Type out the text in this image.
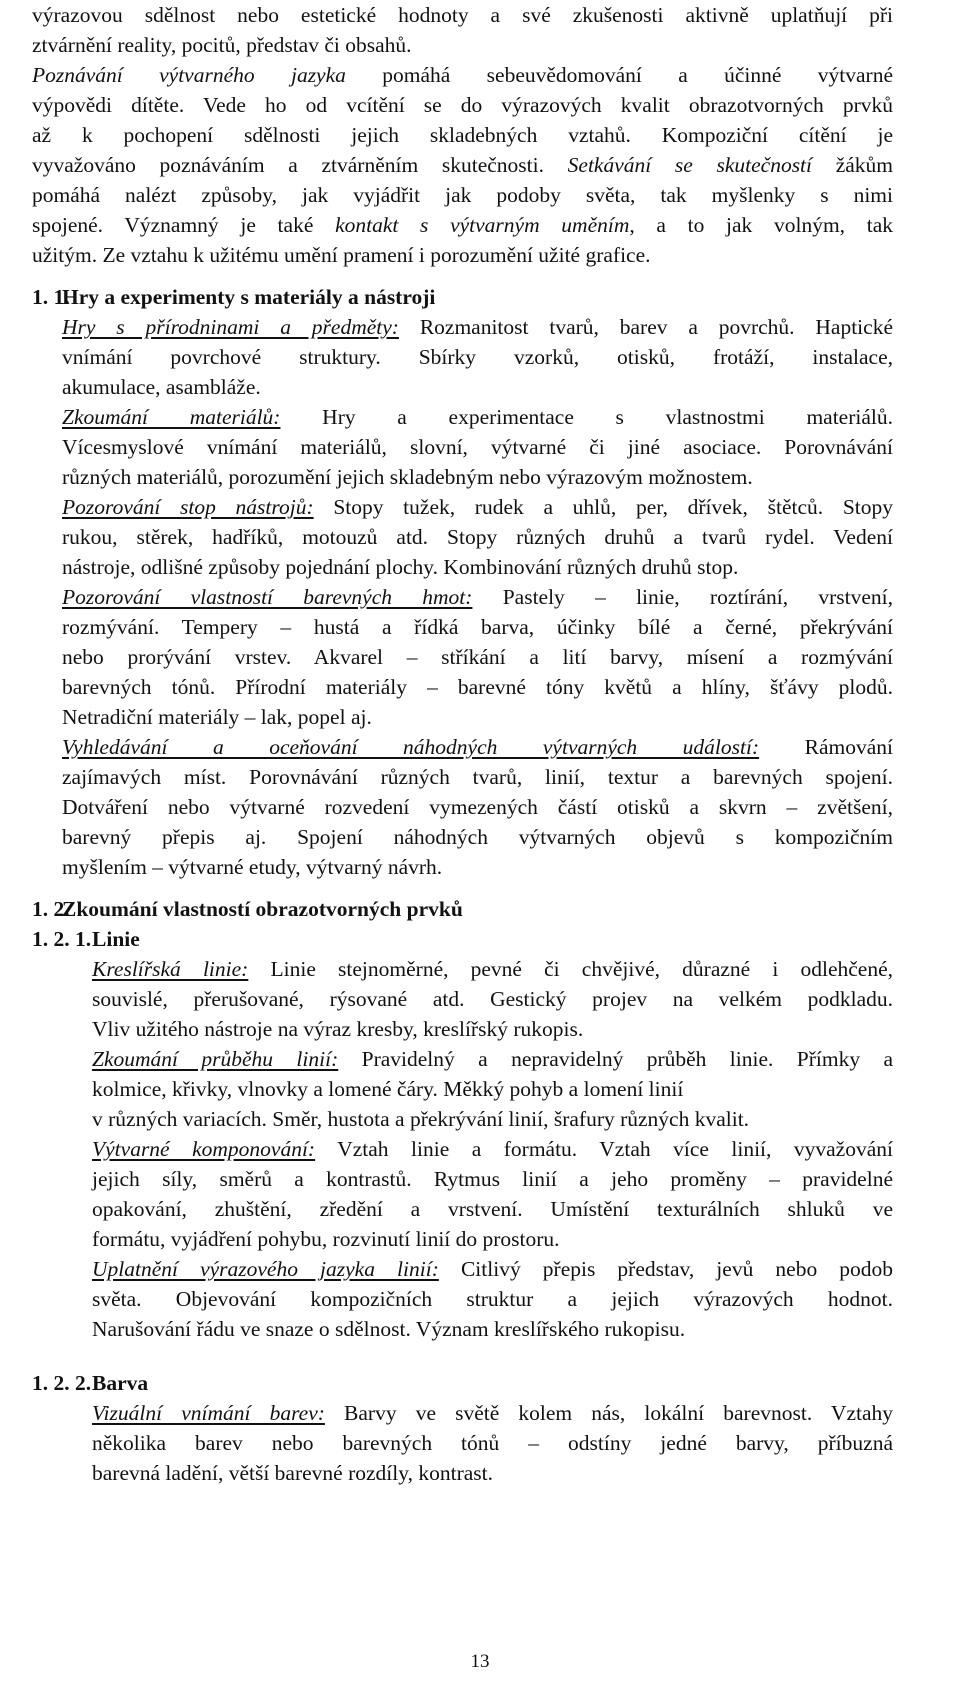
výrazovou sdělnost nebo estetické hodnoty a své zkušenosti aktivně uplatňují při
ztvárnění reality, pocitů, představ či obsahů.
Poznávání výtvarného jazyka pomáhá sebeuvědomování a účinné výtvarné
výpovědi dítěte. Vede ho od vcítění se do výrazových kvalit obrazotvorných prvků
až k pochopení sdělnosti jejich skladebných vztahů. Kompoziční cítění je
vyvažováno poznáváním a ztvárněním skutečnosti. Setkávání se skutečností žákům
pomáhá nalézt způsoby, jak vyjádřit jak podoby světa, tak myšlenky s nimi
spojené. Významný je také kontakt s výtvarným uměním, a to jak volným, tak
užitým. Ze vztahu k užitému umění pramení i porozumění užité grafice.
1. 1.
Hry a experimenty s materiály a nástroji
Hry s přírodninami a předměty: Rozmanitost tvarů, barev a povrchů. Haptické
vnímání povrchové struktury. Sbírky vzorků, otisků, frotáží, instalace,
akumulace, asambláže.
Zkoumání materiálů: Hry a experimentace s vlastnostmi materiálů.
Vícesmyslové vnímání materiálů, slovní, výtvarné či jiné asociace. Porovnávání
různých materiálů, porozumění jejich skladebným nebo výrazovým možnostem.
Pozorování stop nástrojů: Stopy tužek, rudek a uhlů, per, dřívek, štětců. Stopy
rukou, stěrek, hadříků, motouzů atd. Stopy různých druhů a tvarů rydel. Vedení
nástroje, odlišné způsoby pojednání plochy. Kombinování různých druhů stop.
Pozorování vlastností barevných hmot: Pastely – linie, roztírání, vrstvení,
rozmývání. Tempery – hustá a řídká barva, účinky bílé a černé, překrývání
nebo prorývání vrstev. Akvarel – stříkání a lití barvy, mísení a rozmývání
barevných tónů. Přírodní materiály – barevné tóny květů a hlíny, šťávy plodů.
Netradiční materiály – lak, popel aj.
Vyhledávání a oceňování náhodných výtvarných událostí: Rámování
zajímavých míst. Porovnávání různých tvarů, linií, textur a barevných spojení.
Dotváření nebo výtvarné rozvedení vymezených částí otisků a skvrn – zvětšení,
barevný přepis aj. Spojení náhodných výtvarných objevů s kompozičním
myšlením – výtvarné etudy, výtvarný návrh.
1. 2.
Zkoumání vlastností obrazotvorných prvků
1. 2. 1. Linie
Kreslířská linie: Linie stejnoměrné, pevné či chvějivé, důrazné i odlehčené,
souvislé, přerušované, rýsované atd. Gestický projev na velkém podkladu.
Vliv užitého nástroje na výraz kresby, kreslířský rukopis.
Zkoumání průběhu linií: Pravidelný a nepravidelný průběh linie. Přímky a
kolmice, křivky, vlnovky a lomené čáry. Měkký pohyb a lomení linií
v různých variacích. Směr, hustota a překrývání linií, šrafury různých kvalit.
Výtvarné komponování: Vztah linie a formátu. Vztah více linií, vyvažování
jejich síly, směrů a kontrastů. Rytmus linií a jeho proměny – pravidelné
opakování, zhuštění, zředění a vrstvení. Umístění texturálních shluků ve
formátu, vyjádření pohybu, rozvinutí linií do prostoru.
Uplatnění výrazového jazyka linií: Citlivý přepis představ, jevů nebo podob
světa. Objevování kompozičních struktur a jejich výrazových hodnot.
Narušování řádu ve snaze o sdělnost. Význam kreslířského rukopisu.
1. 2. 2. Barva
Vizuální vnímání barev: Barvy ve světě kolem nás, lokální barevnost. Vztahy
několika barev nebo barevných tónů – odstíny jedné barvy, příbuzná
barevná ladění, větší barevné rozdíly, kontrast.
13
